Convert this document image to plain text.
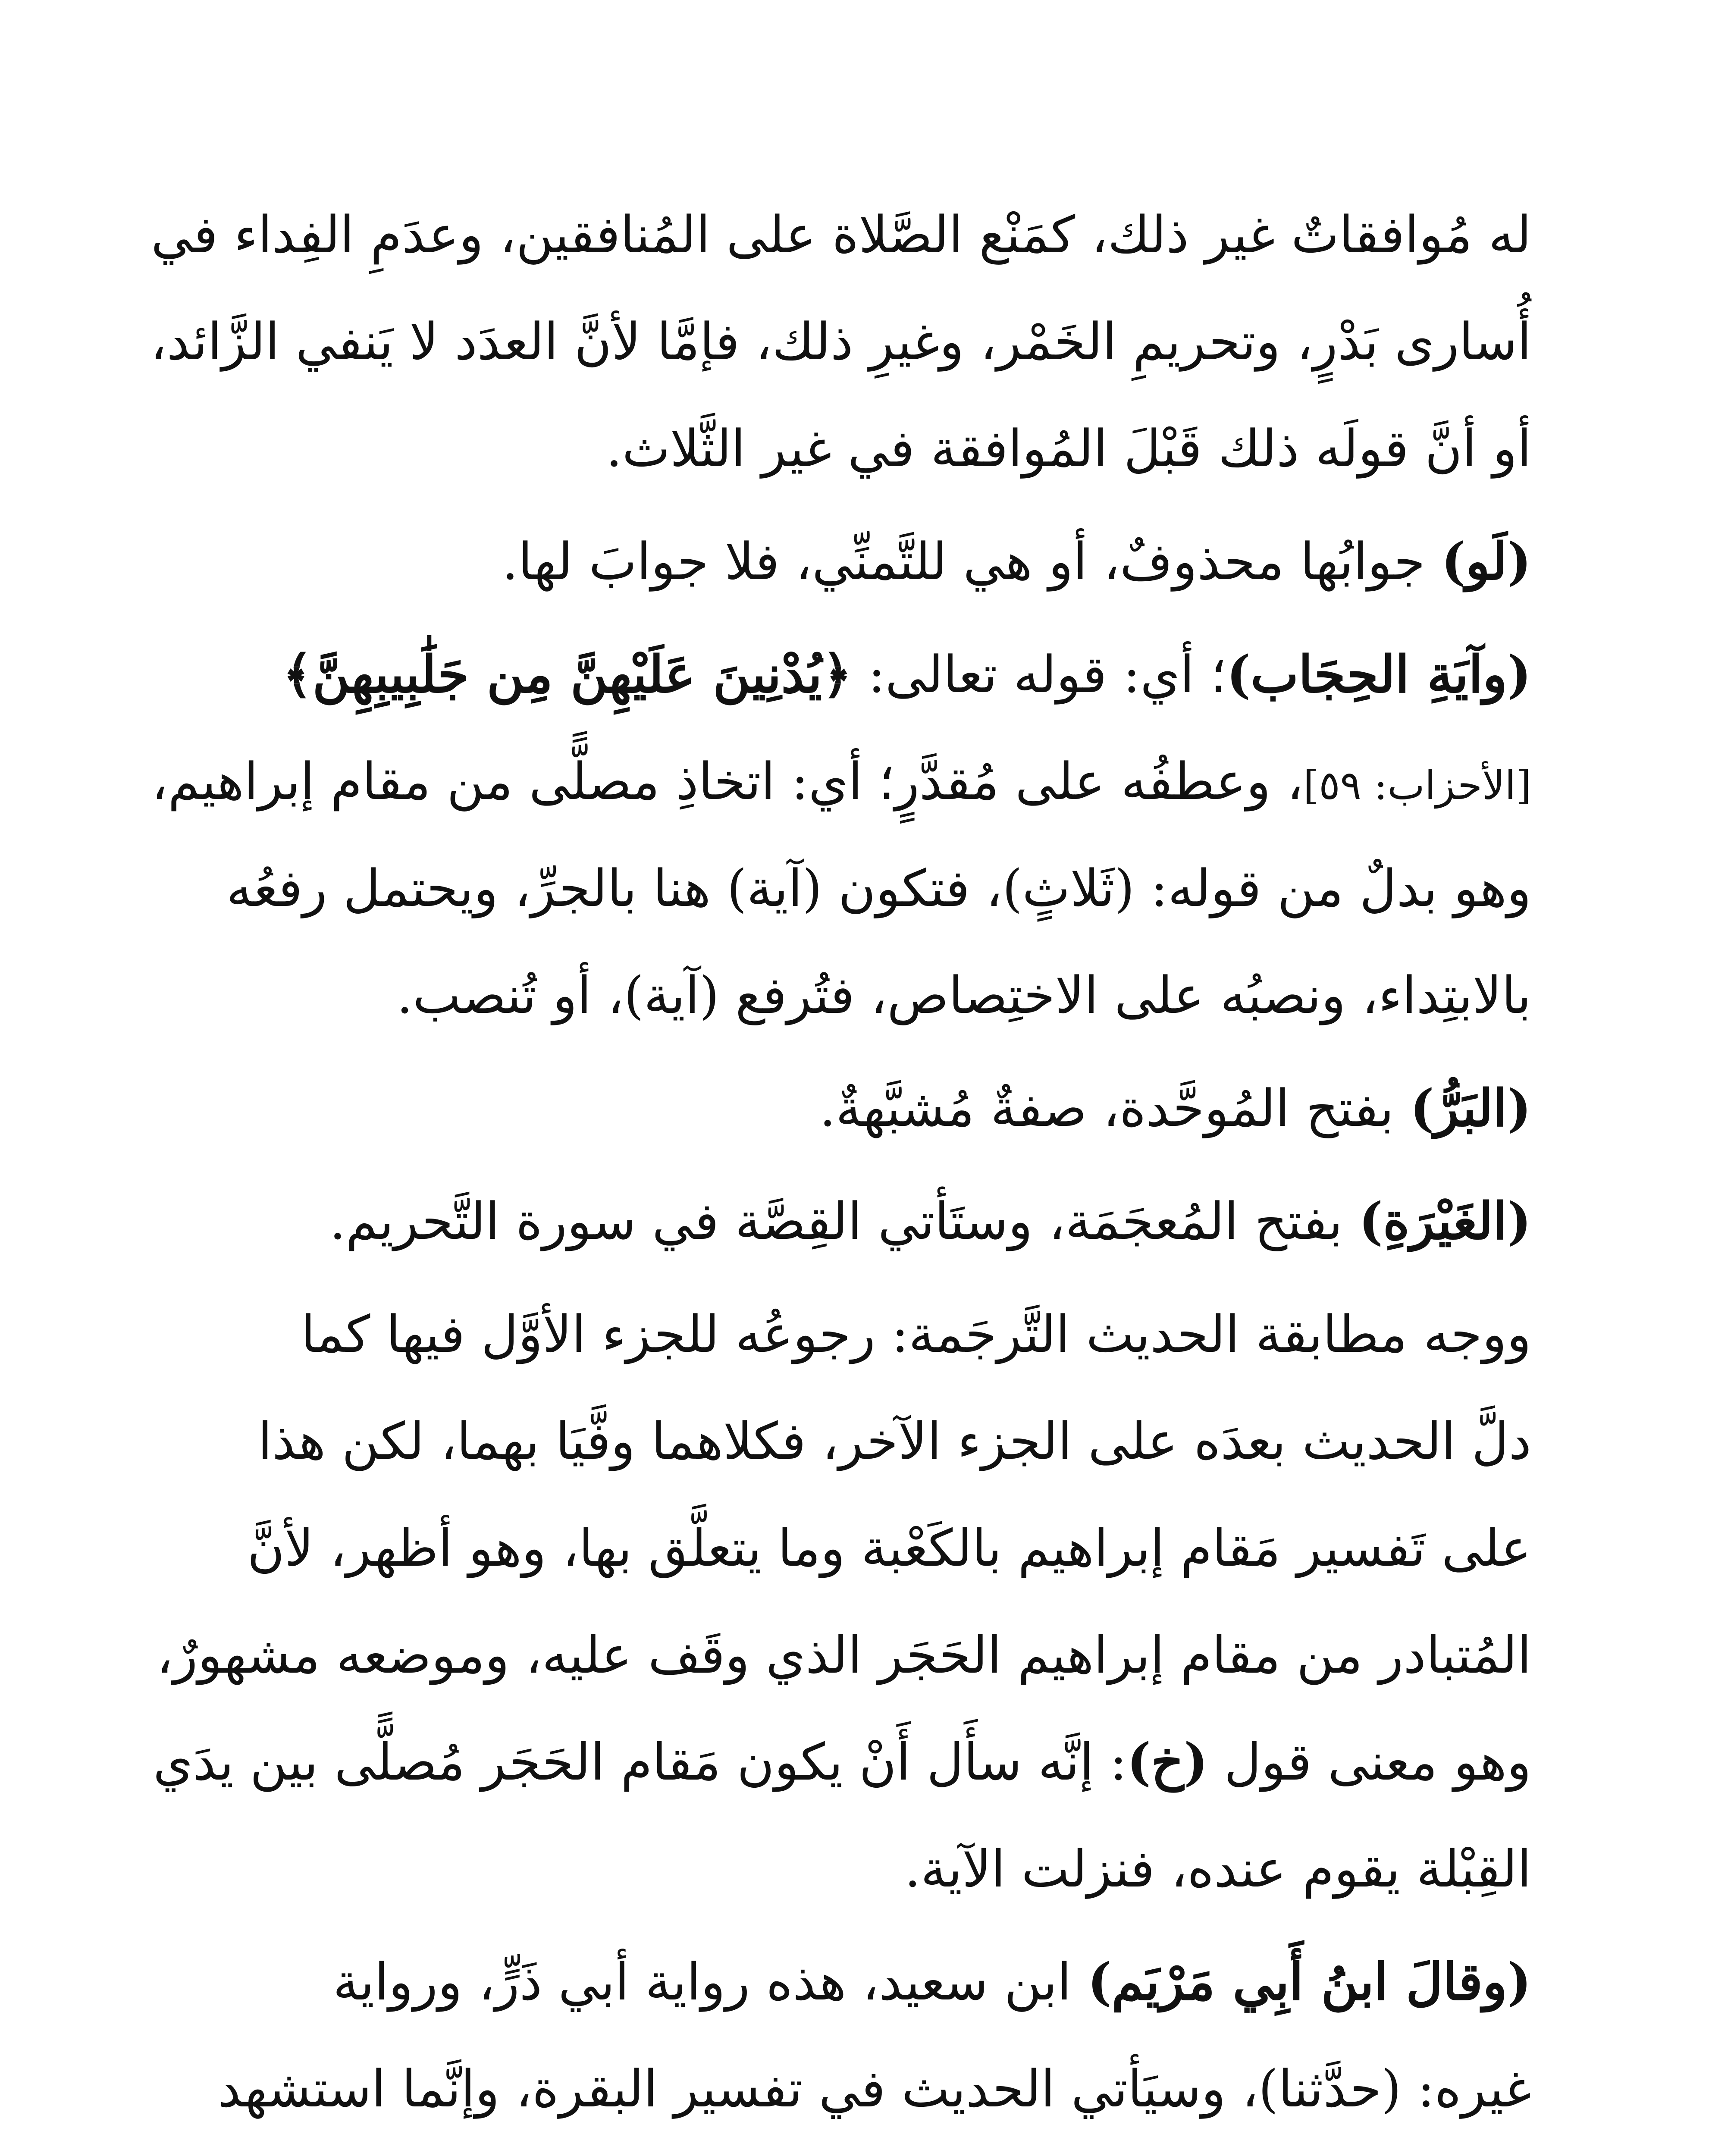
له مُوافقاتٌ غير ذلك، كمَنْع الصَّلاة على المُنافقين، وعدَمِ الفِداء في
أُسارى بَدْرٍ، وتحريمِ الخَمْر، وغيرِ ذلك، فإمَّا لأنَّ العدَد لا يَنفي الزَّائد،
أو أنَّ قولَه ذلك قَبْلَ المُوافقة في غير الثَّلاث.
(لَو) جوابُها محذوفٌ، أو هي للتَّمنِّي، فلا جوابَ لها.
(وآيَةِ الحِجَاب)؛ أي: قوله تعالى: ﴿يُدْنِينَ عَلَيْهِنَّ مِن جَلَٰبِيبِهِنَّ﴾
[الأحزاب: ٥٩]، وعطفُه على مُقدَّرٍ؛ أي: اتخاذِ مصلًّى من مقام إبراهيم،
وهو بدلٌ من قوله: (ثَلاثٍ)، فتكون (آية) هنا بالجرِّ، ويحتمل رفعُه
بالابتِداء، ونصبُه على الاختِصاص، فتُرفع (آية)، أو تُنصب.
(البَرُّ) بفتح المُوحَّدة، صفةٌ مُشبَّهةٌ.
(الغَيْرَةِ) بفتح المُعجَمَة، وستَأتي القِصَّة في سورة التَّحريم.
ووجه مطابقة الحديث التَّرجَمة: رجوعُه للجزء الأوَّل فيها كما
دلَّ الحديث بعدَه على الجزء الآخر، فكلاهما وفَّيَا بهما، لكن هذا
على تَفسير مَقام إبراهيم بالكَعْبة وما يتعلَّق بها، وهو أظهر، لأنَّ
المُتبادر من مقام إبراهيم الحَجَر الذي وقَف عليه، وموضعه مشهورٌ،
وهو معنى قول (خ): إنَّه سأَل أَنْ يكون مَقام الحَجَر مُصلًّى بين يدَي
القِبْلة يقوم عنده، فنزلت الآية.
(وقالَ ابنُ أَبِي مَرْيَم) ابن سعيد، هذه رواية أبي ذَرٍّ، ورواية
غيره: (حدَّثنا)، وسيَأتي الحديث في تفسير البقرة، وإنَّما استشهد
